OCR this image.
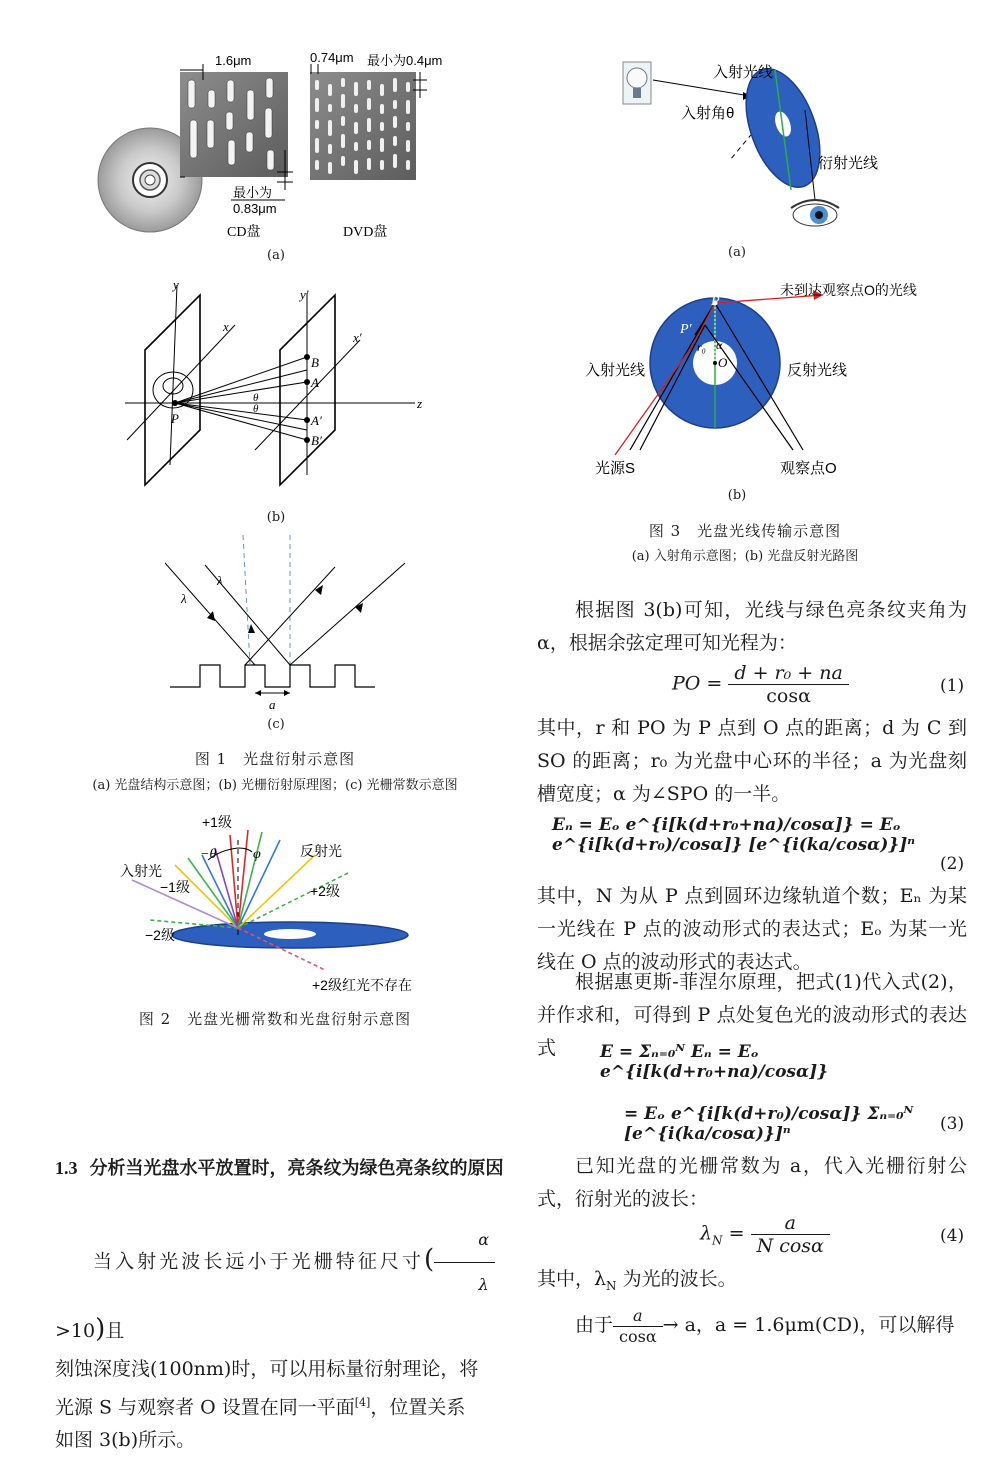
1.6μm
最小为
0.83μm
CD盘
0.74μm 最小为0.4μm
DVD盘
(a)
y
x
y′
x′
z
P
B
A
A′
B′
θ
θ
(b)
λ
λ
a
(c)
图 1　光盘衍射示意图
(a) 光盘结构示意图；(b) 光栅衍射原理图；(c) 光栅常数示意图
+1级
−θ	φ
入射光
反射光
−1级	+2级
−2级
+2级红光不存在
图 2　光盘光栅常数和光盘衍射示意图
1.3 分析当光盘水平放置时，亮条纹为绿色亮条纹的原因
当入射光波长远小于光栅特征尺寸( $\frac{\alpha}{\lambda}$
>10)且
刻蚀深度浅(100nm)时，可以用标量衍射理论，将
光源 S 与观察者 O 设置在同一平面[4]，位置关系
如图 3(b)所示。
入射光线
入射角θ
衍射光线
(a)
未到达观察点O的光线
P
P′
r₀ α
O
入射光线	反射光线
光源S	观察点O
(b)
图 3　光盘光线传输示意图
(a) 入射角示意图；(b) 光盘反射光路图
根据图 3(b)可知，光线与绿色亮条纹夹角为α，根据余弦定理可知光程为：
PO = $\frac{\text{d + r₀ + na}}{\cos\alpha}$	(1)
其中，r 和 PO 为 P 点到 O 点的距离；d 为 C 到 SO 的距离；r₀ 为光盘中心环的半径；a 为光盘刻槽宽度；α 为∠SPO 的一半。
Eₙ = Eₒ e^{i[k(d+r₀+na)/cosα]} = Eₒ e^{i[k(d+r₀)/cosα]} [e^{i(ka/cosα)}]ⁿ
(2)
其中，N 为从 P 点到圆环边缘轨道个数；Eₙ 为某一光线在 P 点的波动形式的表达式；Eₒ 为某一光线在 O 点的波动形式的表达式。
根据惠更斯-菲涅尔原理，把式(1)代入式(2)，并作求和，可得到 P 点处复色光的波动形式的表达式	E = Σₙ₌₀ᴺ Eₙ = Eₒ e^{i[k(d+r₀+na)/cosα]}
= Eₒ e^{i[k(d+r₀)/cosα]} Σₙ₌₀ᴺ [e^{i(ka/cosα)}]ⁿ	(3)
已知光盘的光栅常数为 a，代入光栅衍射公式，衍射光的波长：
$\lambda_N = \frac{a}{\text{N cosα}}$	(4)
其中，$\lambda_N$ 为光的波长。
由于 $\frac{a}{\cos\alpha} \to a$，a = 1.6μm(CD)，可以解得
